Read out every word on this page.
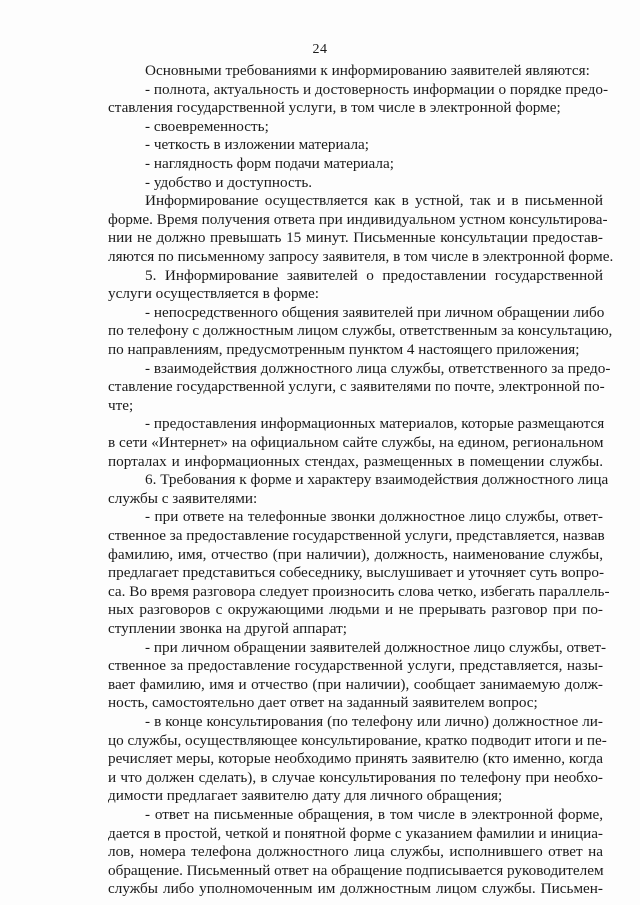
24
Основными требованиями к информированию заявителей являются:
- полнота, актуальность и достоверность информации о порядке предо-
ставления государственной услуги, в том числе в электронной форме;
- своевременность;
- четкость в изложении материала;
- наглядность форм подачи материала;
- удобство и доступность.
Информирование осуществляется как в устной, так и в письменной
форме. Время получения ответа при индивидуальном устном консультирова-
нии не должно превышать 15 минут. Письменные консультации предостав-
ляются по письменному запросу заявителя, в том числе в электронной форме.
5. Информирование заявителей о предоставлении государственной
услуги осуществляется в форме:
- непосредственного общения заявителей при личном обращении либо
по телефону с должностным лицом службы, ответственным за консультацию,
по направлениям, предусмотренным пунктом 4 настоящего приложения;
- взаимодействия должностного лица службы, ответственного за предо-
ставление государственной услуги, с заявителями по почте, электронной по-
чте;
- предоставления информационных материалов, которые размещаются
в сети «Интернет» на официальном сайте службы, на едином, региональном
порталах и информационных стендах, размещенных в помещении службы.
6. Требования к форме и характеру взаимодействия должностного лица
службы с заявителями:
- при ответе на телефонные звонки должностное лицо службы, ответ-
ственное за предоставление государственной услуги, представляется, назвав
фамилию, имя, отчество (при наличии), должность, наименование службы,
предлагает представиться собеседнику, выслушивает и уточняет суть вопро-
са. Во время разговора следует произносить слова четко, избегать параллель-
ных разговоров с окружающими людьми и не прерывать разговор при по-
ступлении звонка на другой аппарат;
- при личном обращении заявителей должностное лицо службы, ответ-
ственное за предоставление государственной услуги, представляется, назы-
вает фамилию, имя и отчество (при наличии), сообщает занимаемую долж-
ность, самостоятельно дает ответ на заданный заявителем вопрос;
- в конце консультирования (по телефону или лично) должностное ли-
цо службы, осуществляющее консультирование, кратко подводит итоги и пе-
речисляет меры, которые необходимо принять заявителю (кто именно, когда
и что должен сделать), в случае консультирования по телефону при необхо-
димости предлагает заявителю дату для личного обращения;
- ответ на письменные обращения, в том числе в электронной форме,
дается в простой, четкой и понятной форме с указанием фамилии и инициа-
лов, номера телефона должностного лица службы, исполнившего ответ на
обращение. Письменный ответ на обращение подписывается руководителем
службы либо уполномоченным им должностным лицом службы. Письмен-
